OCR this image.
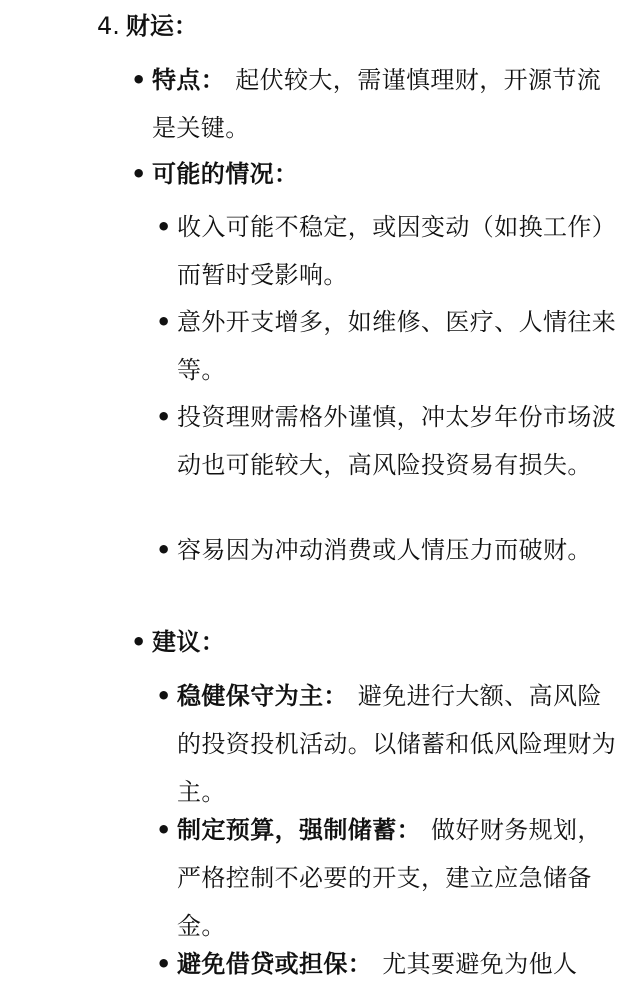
4. 财运：
• 特点： 起伏较大，需谨慎理财，开源节流是关键。
• 可能的情况：
• 收入可能不稳定，或因变动（如换工作）而暂时受影响。
• 意外开支增多，如维修、医疗、人情往来等。
• 投资理财需格外谨慎，冲太岁年份市场波动也可能较大，高风险投资易有损失。
• 容易因为冲动消费或人情压力而破财。
• 建议：
• 稳健保守为主： 避免进行大额、高风险的投资投机活动。以储蓄和低风险理财为主。
• 制定预算，强制储蓄： 做好财务规划，严格控制不必要的开支，建立应急储备金。
• 避免借贷或担保： 尤其要避免为他人
